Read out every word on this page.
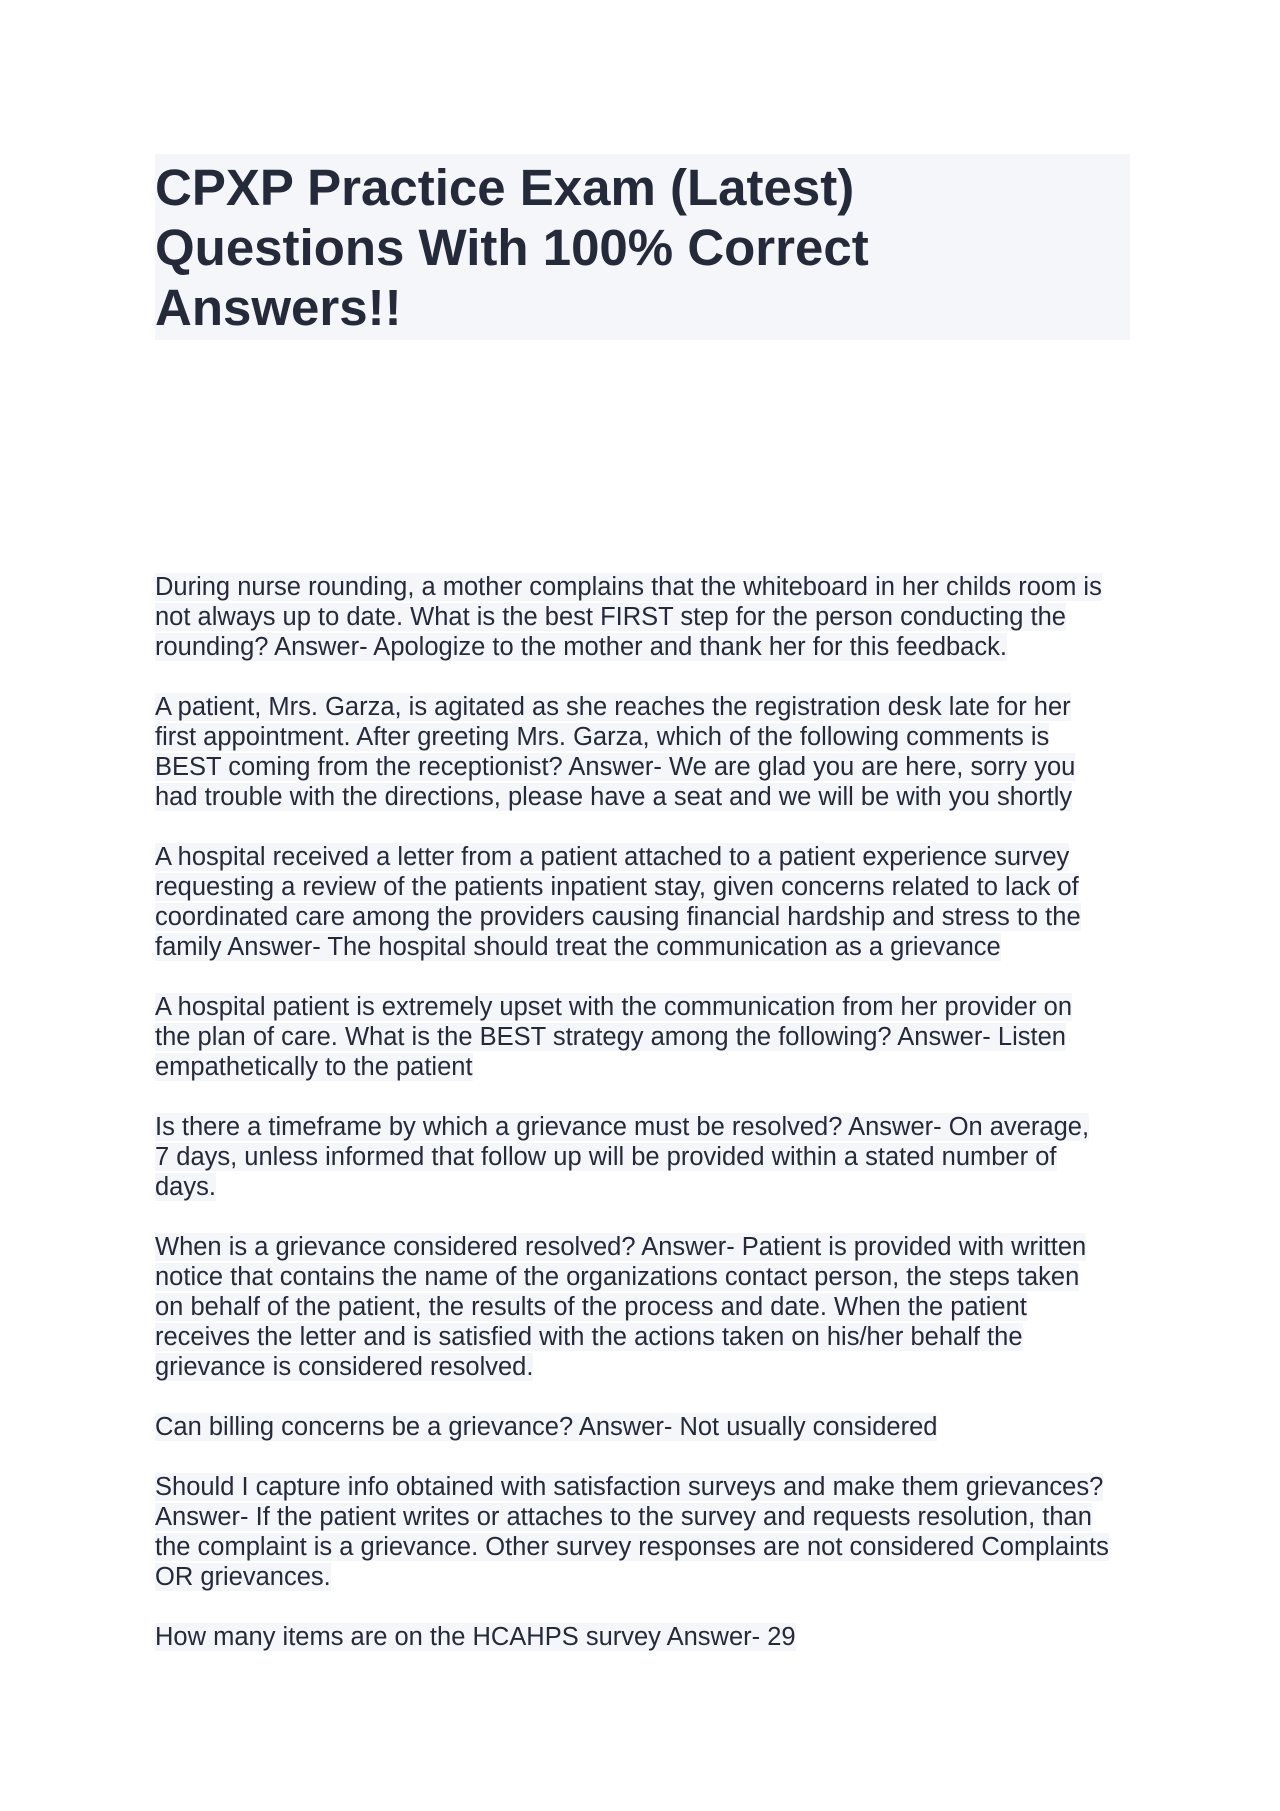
CPXP Practice Exam (Latest)
Questions With 100% Correct
Answers!!
During nurse rounding, a mother complains that the whiteboard in her childs room is
not always up to date. What is the best FIRST step for the person conducting the
rounding? Answer- Apologize to the mother and thank her for this feedback.
A patient, Mrs. Garza, is agitated as she reaches the registration desk late for her
first appointment. After greeting Mrs. Garza, which of the following comments is
BEST coming from the receptionist? Answer- We are glad you are here, sorry you
had trouble with the directions, please have a seat and we will be with you shortly
A hospital received a letter from a patient attached to a patient experience survey
requesting a review of the patients inpatient stay, given concerns related to lack of
coordinated care among the providers causing financial hardship and stress to the
family Answer- The hospital should treat the communication as a grievance
A hospital patient is extremely upset with the communication from her provider on
the plan of care. What is the BEST strategy among the following? Answer- Listen
empathetically to the patient
Is there a timeframe by which a grievance must be resolved? Answer- On average,
7 days, unless informed that follow up will be provided within a stated number of
days.
When is a grievance considered resolved? Answer- Patient is provided with written
notice that contains the name of the organizations contact person, the steps taken
on behalf of the patient, the results of the process and date. When the patient
receives the letter and is satisfied with the actions taken on his/her behalf the
grievance is considered resolved.
Can billing concerns be a grievance? Answer- Not usually considered
Should I capture info obtained with satisfaction surveys and make them grievances?
Answer- If the patient writes or attaches to the survey and requests resolution, than
the complaint is a grievance. Other survey responses are not considered Complaints
OR grievances.
How many items are on the HCAHPS survey Answer- 29
